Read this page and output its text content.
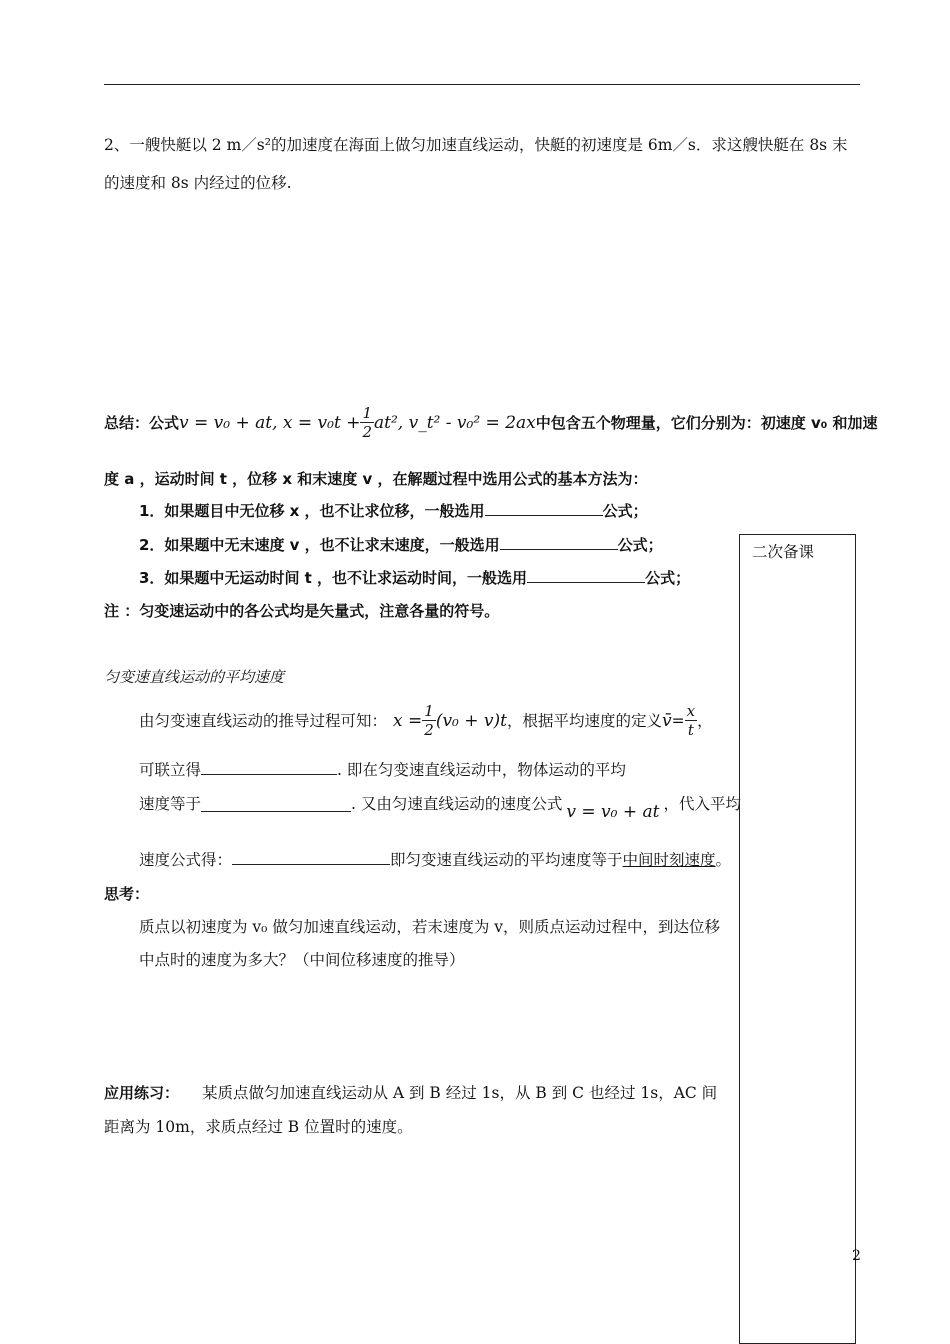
2、一艘快艇以 2 m／s²的加速度在海面上做匀加速直线运动，快艇的初速度是 6m／s．求这艘快艇在 8s 末
的速度和 8s 内经过的位移.
总结：公式 v = v₀ + at, $x = v_0t + \frac{1}{2} at^2$, v_t² - v₀² = 2ax 中包含五个物理量，它们分别为：初速度 v₀ 和加速
度 a ，运动时间 t ，位移 x 和末速度 v ，在解题过程中选用公式的基本方法为：
1．如果题目中无位移 x ，也不让求位移，一般选用	公式；
2．如果题中无末速度 v ，也不让求末速度，一般选用	公式；
3．如果题中无运动时间 t ，也不让求运动时间，一般选用	公式；
注 ：匀变速运动中的各公式均是矢量式，注意各量的符号。
匀变速直线运动的平均速度
由匀变速直线运动的推导过程可知： $x = \frac{1}{2} (v_0 + v)t$ ，根据平均速度的定义 v̄ = $\frac{x}{t}$ ，
可联立得	. 即在匀变速直线运动中，物体运动的平均
速度等于	. 又由匀速直线运动的速度公式 v = v₀ + at ，代入平均
速度公式得：	即匀变速直线运动的平均速度等于中间时刻速度。
思考：
质点以初速度为 v₀ 做匀加速直线运动，若末速度为 v，则质点运动过程中，到达位移
中点时的速度为多大？（中间位移速度的推导）
应用练习： 某质点做匀加速直线运动从 A 到 B 经过 1s，从 B 到 C 也经过 1s，AC 间
距离为 10m，求质点经过 B 位置时的速度。
二次备课
2
